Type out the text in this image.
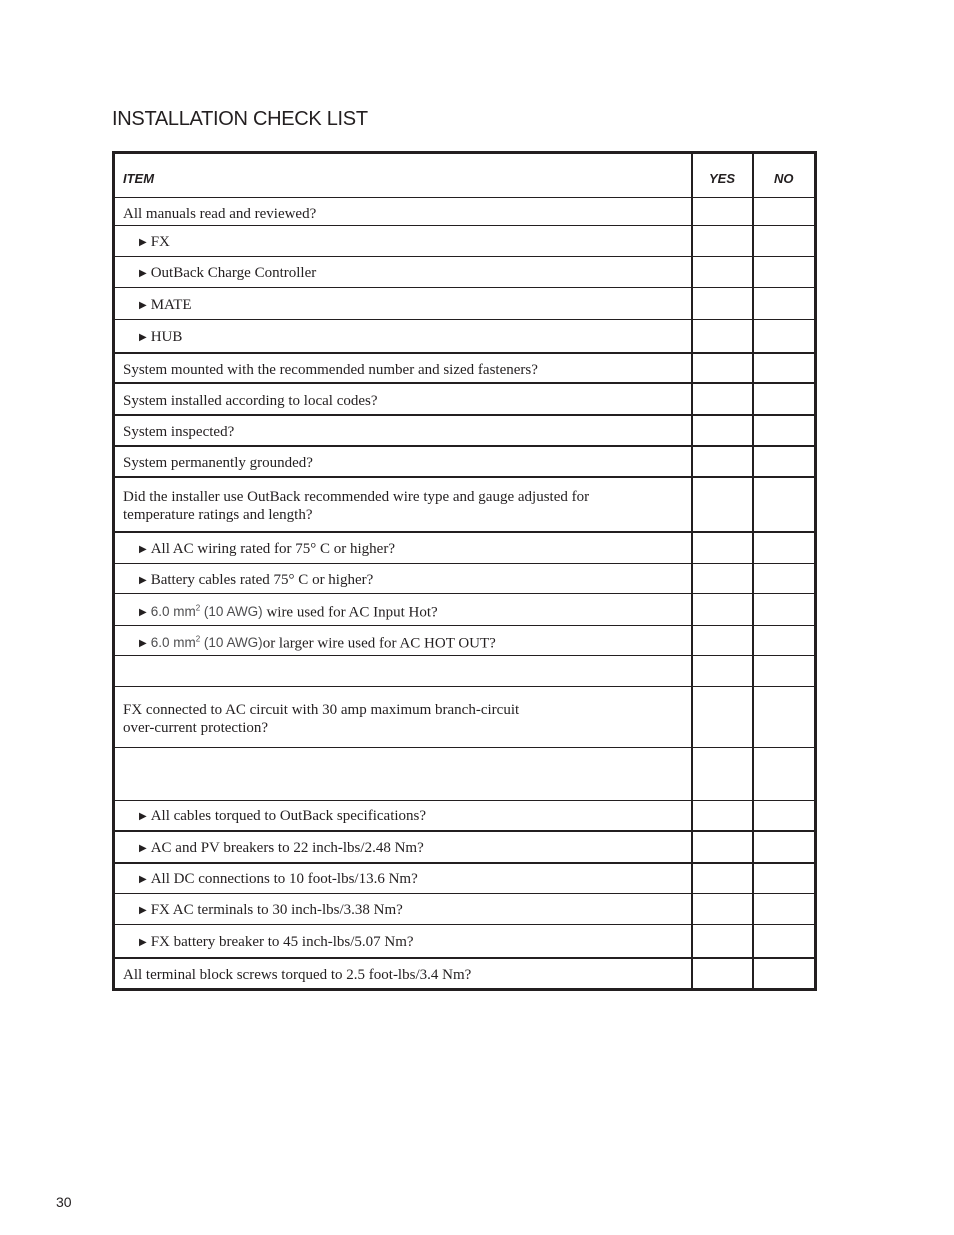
INSTALLATION CHECK LIST
ITEM	YES	NO
All manuals read and reviewed?		
▶ FX		
▶ OutBack Charge Controller		
▶ MATE		
▶ HUB		
System mounted with the recommended number and sized fasteners?		
System installed according to local codes?		
System inspected?		
System permanently grounded?		
Did the installer use OutBack recommended wire type and gauge adjusted for
temperature ratings and length?		
▶ All AC wiring rated for 75° C or higher?		
▶ Battery cables rated 75° C or higher?		
▶ 6.0 $mm^2$ (10 AWG) wire used for AC Input Hot?		
▶ 6.0 $mm^2$ (10 AWG)or larger wire used for AC HOT OUT?		

FX connected to AC circuit with 30 amp maximum branch-circuit
over-current protection?		

▶ All cables torqued to OutBack specifications?		
▶ AC and PV breakers to 22 inch-lbs/2.48 Nm?		
▶ All DC connections to 10 foot-lbs/13.6 Nm?		
▶ FX AC terminals to 30 inch-lbs/3.38 Nm?		
▶ FX battery breaker to 45 inch-lbs/5.07 Nm?		
All terminal block screws torqued to 2.5 foot-lbs/3.4 Nm?		
30
